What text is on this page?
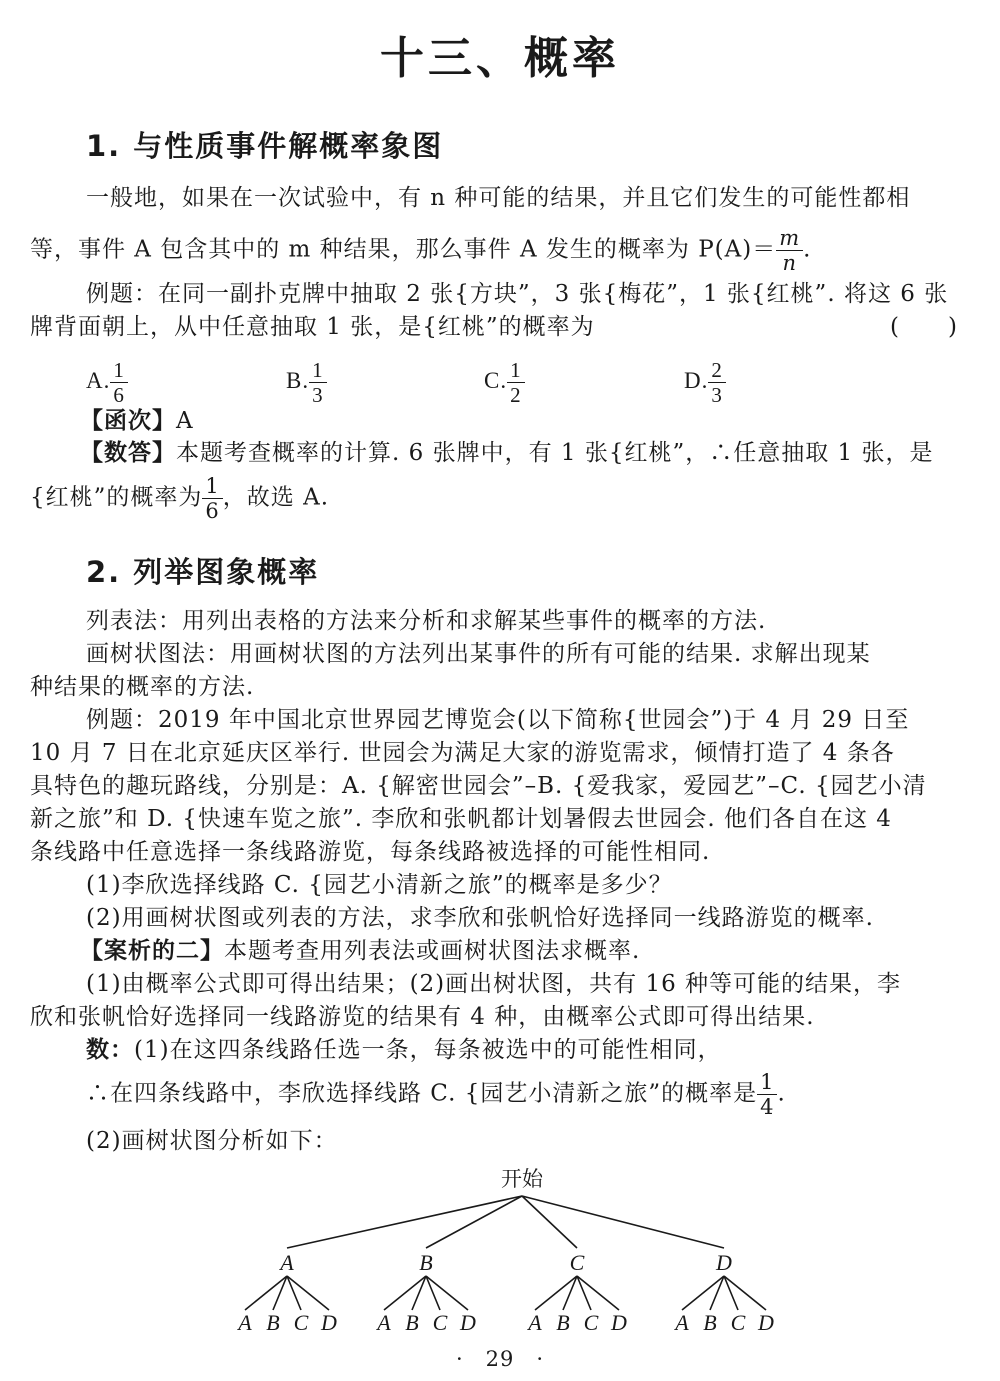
十三、概率
1. 与性质事件解概率象图
一般地，如果在一次试验中，有 n 种可能的结果，并且它们发生的可能性都相
等，事件 A 包含其中的 m 种结果，那么事件 A 发生的概率为 $P(A)= \frac{m}{n}$ .
例题：在同一副扑克牌中抽取 2 张{方块”，3 张{梅花”，1 张{红桃”. 将这 6 张
牌背面朝上，从中任意抽取 1 张，是{红桃”的概率为	(　　)
A. $\frac{1}{6}$	B. $\frac{1}{3}$	C. $\frac{1}{2}$	D. $\frac{2}{3}$
【函次】A
【数答】本题考查概率的计算. 6 张牌中，有 1 张{红桃”，∴任意抽取 1 张，是
{红桃”的概率为 $\frac{1}{6}$ ，故选 A.
2. 列举图象概率
列表法：用列出表格的方法来分析和求解某些事件的概率的方法.
画树状图法：用画树状图的方法列出某事件的所有可能的结果. 求解出现某
种结果的概率的方法.
例题：2019 年中国北京世界园艺博览会(以下简称{世园会”)于 4 月 29 日至
10 月 7 日在北京延庆区举行. 世园会为满足大家的游览需求，倾情打造了 4 条各
具特色的趣玩路线，分别是：A. {解密世园会”–B. {爱我家，爱园艺”–C. {园艺小清
新之旅”和 D. {快速车览之旅”. 李欣和张帆都计划暑假去世园会. 他们各自在这 4
条线路中任意选择一条线路游览，每条线路被选择的可能性相同.
(1)李欣选择线路 C. {园艺小清新之旅”的概率是多少？
(2)用画树状图或列表的方法，求李欣和张帆恰好选择同一线路游览的概率.
【案析的二】本题考查用列表法或画树状图法求概率.
(1)由概率公式即可得出结果；(2)画出树状图，共有 16 种等可能的结果，李
欣和张帆恰好选择同一线路游览的结果有 4 种，由概率公式即可得出结果.
数：(1)在这四条线路任选一条，每条被选中的可能性相同，
∴在四条线路中，李欣选择线路 C. {园艺小清新之旅”的概率是 $\frac{1}{4}$ .
(2)画树状图分析如下：
开始
A
A B C D
B
A B C D
C
A B C D
D
A B C D
·　29　·
